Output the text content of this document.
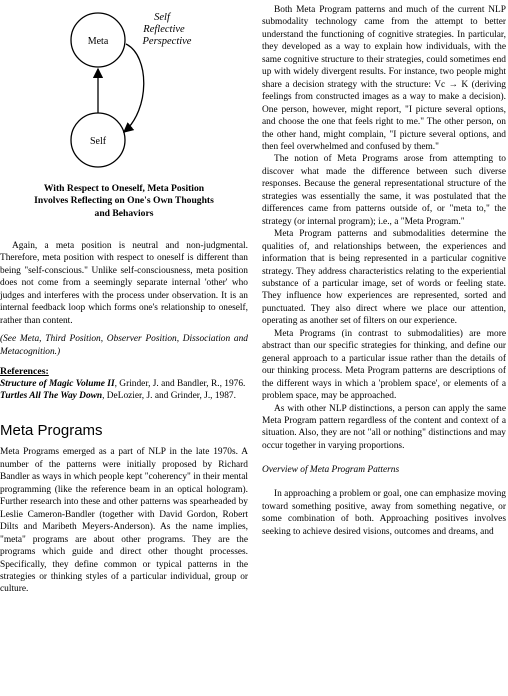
Meta
Self
Self
Reflective
Perspective
With Respect to Oneself, Meta Position
Involves Reflecting on One's Own Thoughts
and Behaviors

Again, a meta position is neutral and non-judgmental. Therefore, meta position with respect to oneself is different than being "self-conscious." Unlike self-consciousness, meta position does not come from a seemingly separate internal 'other' who judges and interferes with the process under observation. It is an internal feedback loop which forms one's relationship to oneself, rather than content.

(See Meta, Third Position, Observer Position, Dissociation and Metacognition.)

References:
Structure of Magic Volume II, Grinder, J. and Bandler, R., 1976.
Turtles All The Way Down, DeLozier, J. and Grinder, J., 1987.
Meta Programs

Meta Programs emerged as a part of NLP in the late 1970s. A number of the patterns were initially proposed by Richard Bandler as ways in which people kept "coherency" in their mental programming (like the reference beam in an optical hologram). Further research into these and other patterns was spearheaded by Leslie Cameron-Bandler (together with David Gordon, Robert Dilts and Maribeth Meyers-Anderson). As the name implies, "meta" programs are about other programs. They are the programs which guide and direct other thought processes. Specifically, they define common or typical patterns in the strategies or thinking styles of a particular individual, group or culture.

Both Meta Program patterns and much of the current NLP submodality technology came from the attempt to better understand the functioning of cognitive strategies. In particular, they developed as a way to explain how individuals, with the same cognitive structure to their strategies, could sometimes end up with widely divergent results. For instance, two people might share a decision strategy with the structure: Vc → K (deriving feelings from constructed images as a way to make a decision). One person, however, might report, "I picture several options, and choose the one that feels right to me." The other person, on the other hand, might complain, "I picture several options, and then feel overwhelmed and confused by them."

The notion of Meta Programs arose from attempting to discover what made the difference between such diverse responses. Because the general representational structure of the strategies was essentially the same, it was postulated that the differences came from patterns outside of, or "meta to," the strategy (or internal program); i.e., a "Meta Program."

Meta Program patterns and submodalities determine the qualities of, and relationships between, the experiences and information that is being represented in a particular cognitive strategy. They address characteristics relating to the experiential substance of a particular image, set of words or feeling state. They influence how experiences are represented, sorted and punctuated. They also direct where we place our attention, operating as another set of filters on our experience.

Meta Programs (in contrast to submodalities) are more abstract than our specific strategies for thinking, and define our general approach to a particular issue rather than the details of our thinking process. Meta Program patterns are descriptions of the different ways in which a 'problem space', or elements of a problem space, may be approached.

As with other NLP distinctions, a person can apply the same Meta Program pattern regardless of the content and context of a situation. Also, they are not "all or nothing" distinctions and may occur together in varying proportions.

Overview of Meta Program Patterns

In approaching a problem or goal, one can emphasize moving toward something positive, away from something negative, or some combination of both. Approaching positives involves seeking to achieve desired visions, outcomes and dreams, and
